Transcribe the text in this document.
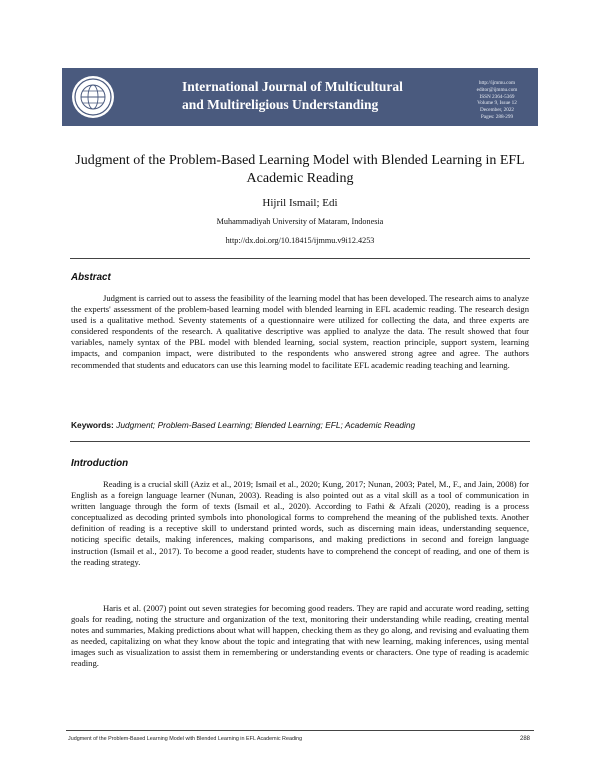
International Journal of Multicultural
and Multireligious Understanding
http://ijmmu.com
editor@ijmmu.com
ISSN 2364-5369
Volume 9, Issue 12
December, 2022
Pages: 288-299
Judgment of the Problem-Based Learning Model with Blended Learning in EFL Academic Reading
Hijril Ismail; Edi
Muhammadiyah University of Mataram, Indonesia
http://dx.doi.org/10.18415/ijmmu.v9i12.4253
Abstract

Judgment is carried out to assess the feasibility of the learning model that has been developed. The research aims to analyze the experts' assessment of the problem-based learning model with blended learning in EFL academic reading. The research design used is a qualitative method. Seventy statements of a questionnaire were utilized for collecting the data, and three experts are considered respondents of the research. A qualitative descriptive was applied to analyze the data. The result showed that four variables, namely syntax of the PBL model with blended learning, social system, reaction principle, support system, learning impacts, and companion impact, were distributed to the respondents who answered strong agree and agree. The authors recommended that students and educators can use this learning model to facilitate EFL academic reading teaching and learning.

Keywords: Judgment; Problem-Based Learning; Blended Learning; EFL; Academic Reading
Introduction

Reading is a crucial skill (Aziz et al., 2019; Ismail et al., 2020; Kung, 2017; Nunan, 2003; Patel, M., F., and Jain, 2008) for English as a foreign language learner (Nunan, 2003). Reading is also pointed out as a vital skill as a tool of communication in written language through the form of texts (Ismail et al., 2020). According to Fathi & Afzali (2020), reading is a process conceptualized as decoding printed symbols into phonological forms to comprehend the meaning of the published texts. Another definition of reading is a receptive skill to understand printed words, such as discerning main ideas, understanding sequence, noticing specific details, making inferences, making comparisons, and making predictions in second and foreign language instruction (Ismail et al., 2017). To become a good reader, students have to comprehend the concept of reading, and one of them is the reading strategy.

Haris et al. (2007) point out seven strategies for becoming good readers. They are rapid and accurate word reading, setting goals for reading, noting the structure and organization of the text, monitoring their understanding while reading, creating mental notes and summaries, Making predictions about what will happen, checking them as they go along, and revising and evaluating them as needed, capitalizing on what they know about the topic and integrating that with new learning, making inferences, using mental images such as visualization to assist them in remembering or understanding events or characters. One type of reading is academic reading.

Judgment of the Problem-Based Learning Model with Blended Learning in EFL Academic Reading	288
